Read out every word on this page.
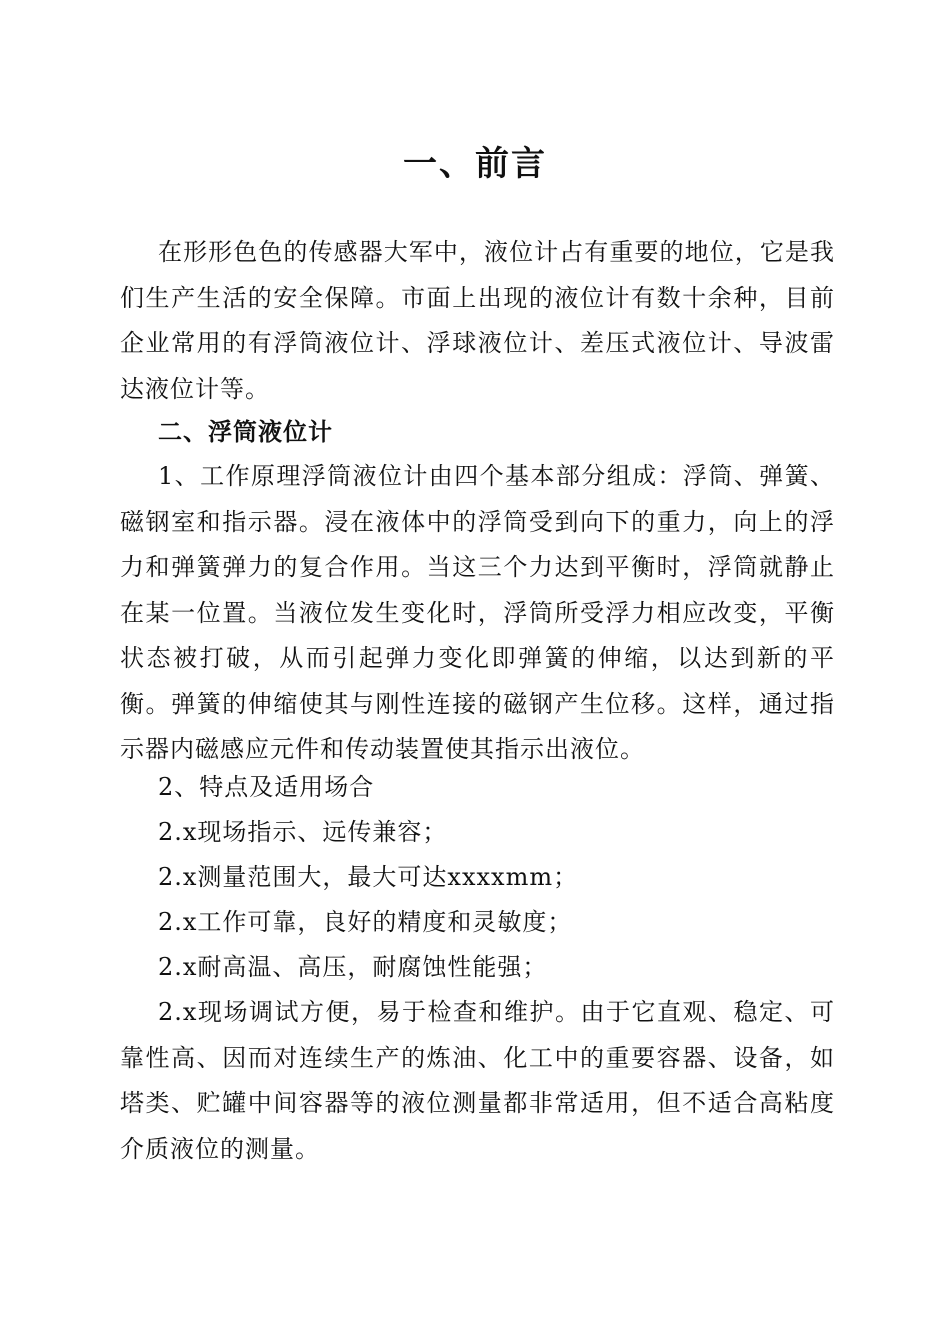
一、前言

在形形色色的传感器大军中，液位计占有重要的地位，它是我们生产生活的安全保障。市面上出现的液位计有数十余种，目前企业常用的有浮筒液位计、浮球液位计、差压式液位计、导波雷达液位计等。

二、浮筒液位计

1、工作原理浮筒液位计由四个基本部分组成：浮筒、弹簧、磁钢室和指示器。浸在液体中的浮筒受到向下的重力，向上的浮力和弹簧弹力的复合作用。当这三个力达到平衡时，浮筒就静止在某一位置。当液位发生变化时，浮筒所受浮力相应改变，平衡状态被打破，从而引起弹力变化即弹簧的伸缩，以达到新的平衡。弹簧的伸缩使其与刚性连接的磁钢产生位移。这样，通过指示器内磁感应元件和传动装置使其指示出液位。

2、特点及适用场合

2.x现场指示、远传兼容；

2.x测量范围大，最大可达xxxxmm；

2.x工作可靠，良好的精度和灵敏度；

2.x耐高温、高压，耐腐蚀性能强；

2.x现场调试方便，易于检查和维护。由于它直观、稳定、可靠性高、因而对连续生产的炼油、化工中的重要容器、设备，如塔类、贮罐中间容器等的液位测量都非常适用，但不适合高粘度介质液位的测量。
